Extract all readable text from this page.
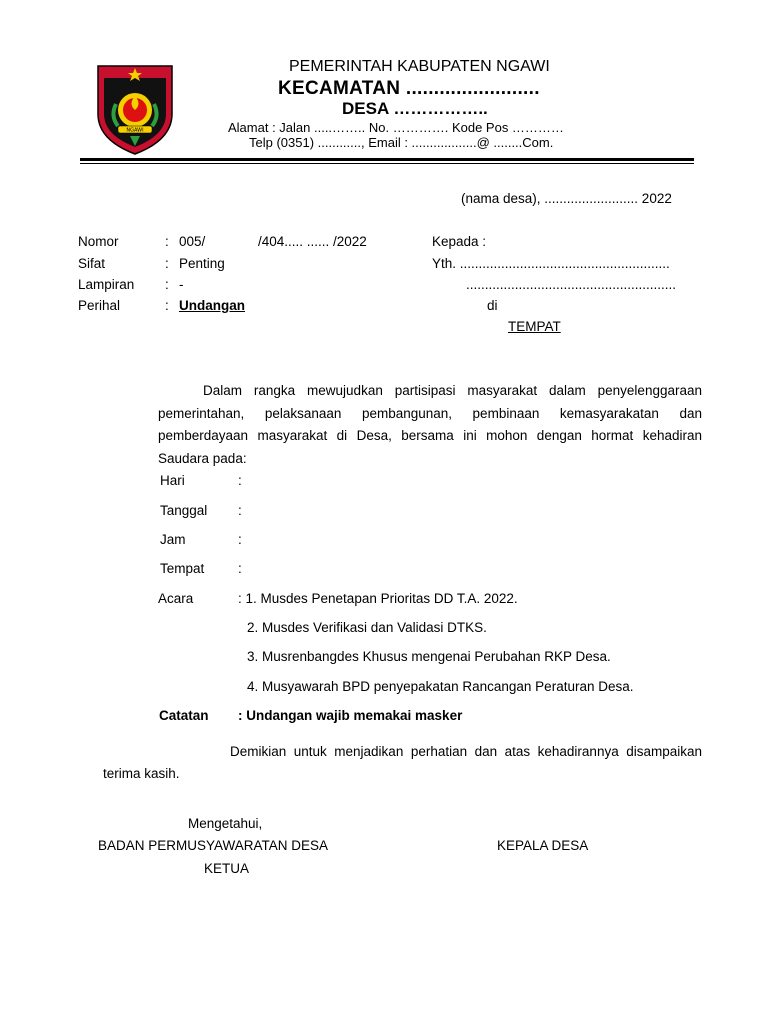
NGAWI
PEMERINTAH KABUPATEN NGAWI
KECAMATAN ........................
DESA ……………..
Alamat : Jalan .....…….. No. …………. Kode Pos …………
Telp (0351) ............, Email : ..................@ ........Com.
(nama desa), ......................... 2022
Nomor	: 005/	/404..... ...... /2022
Sifat	: Penting
Lampiran : -
Perihal	: Undangan
Kepada :
Yth. ........................................................
........................................................
di
TEMPAT
Dalam rangka mewujudkan partisipasi masyarakat dalam penyelenggaraan pemerintahan, pelaksanaan pembangunan, pembinaan kemasyarakatan dan pemberdayaan masyarakat di Desa, bersama ini mohon dengan hormat kehadiran Saudara pada:
Hari	:
Tanggal :
Jam	:
Tempat :
Acara	: 1. Musdes Penetapan Prioritas DD T.A. 2022.
2. Musdes Verifikasi dan Validasi DTKS.
3. Musrenbangdes Khusus mengenai Perubahan RKP Desa.
4. Musyawarah BPD penyepakatan Rancangan Peraturan Desa.
Catatan : Undangan wajib memakai masker
Demikian untuk menjadikan perhatian dan atas kehadirannya disampaikan terima kasih.
Mengetahui,
BADAN PERMUSYAWARATAN DESA
KETUA
KEPALA DESA
